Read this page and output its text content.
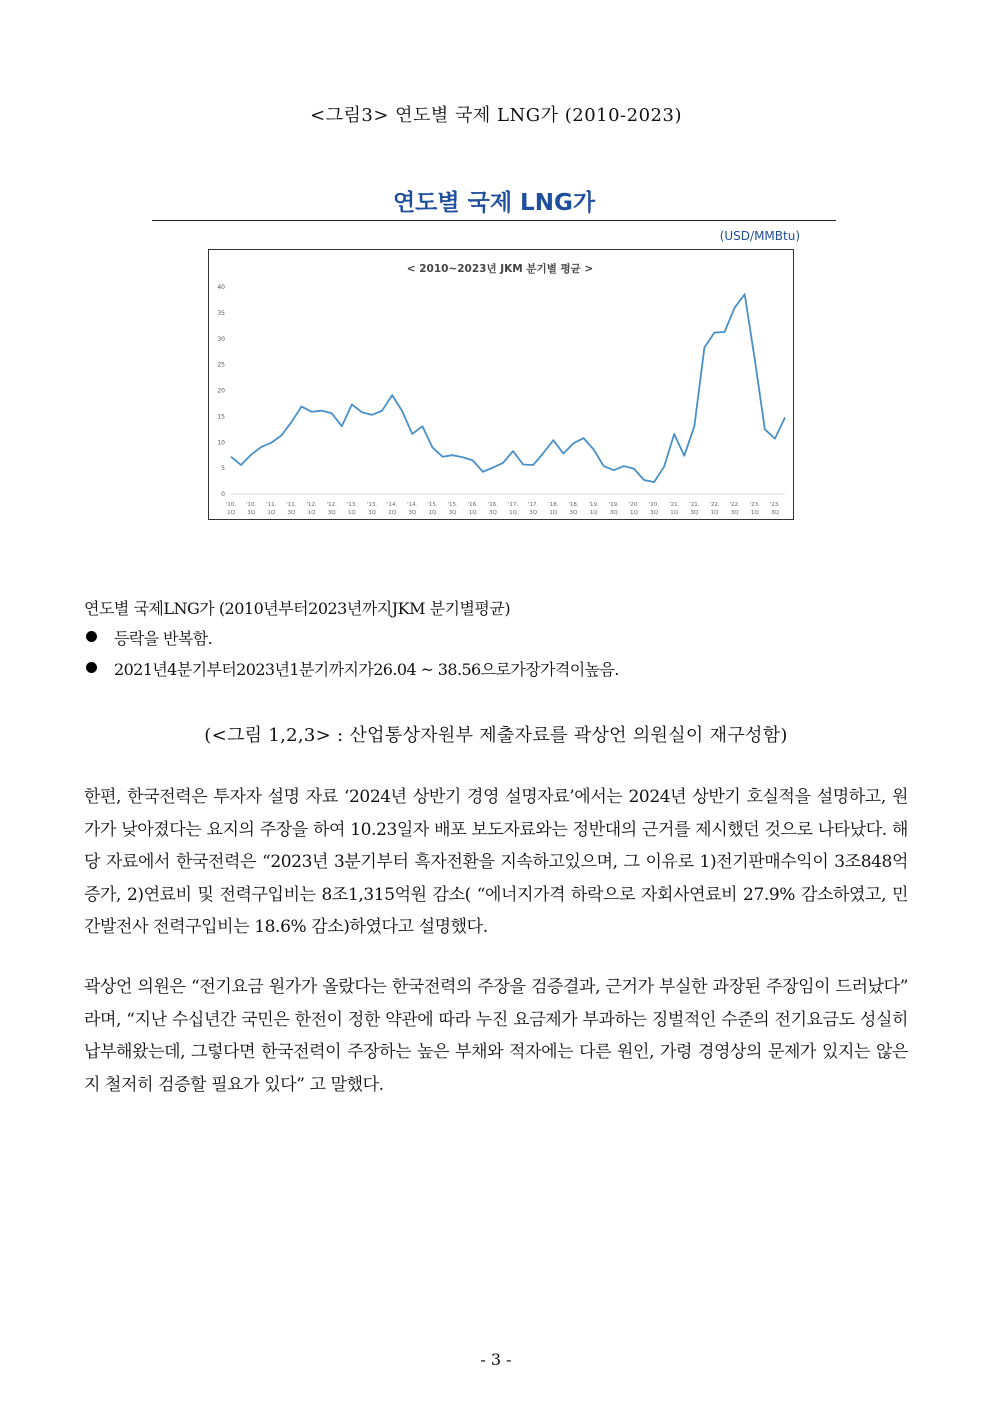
<그림3> 연도별 국제 LNG가 (2010-2023)
연도별 국제 LNG가
(USD/MMBtu)
< 2010~2023년 JKM 분기별 평균 >
0
5
10
15
20
25
30
35
40
'10.
1Q
'10.
3Q
'11.
1Q
'11.
3Q
'12.
1Q
'12.
3Q
'13.
1Q
'13.
3Q
'14.
1Q
'14.
3Q
'15.
1Q
'15.
3Q
'16.
1Q
'16.
3Q
'17.
1Q
'17.
3Q
'18.
1Q
'18.
3Q
'19.
1Q
'19.
3Q
'20.
1Q
'20.
3Q
'21.
1Q
'21.
3Q
'22.
1Q
'22.
3Q
'23.
1Q
'23.
3Q
연도별 국제LNG가 (2010년부터2023년까지JKM 분기별평균)
등락을 반복함.
2021년4분기부터2023년1분기까지가26.04 ~ 38.56으로가장가격이높음.
(<그림 1,2,3> : 산업통상자원부 제출자료를 곽상언 의원실이 재구성함)

한편, 한국전력은 투자자 설명 자료 ‘2024년 상반기 경영 설명자료’에서는 2024년 상반기 호실적을 설명하고, 원가가 낮아졌다는 요지의 주장을 하여 10.23일자 배포 보도자료와는 정반대의 근거를 제시했던 것으로 나타났다. 해당 자료에서 한국전력은 “2023년 3분기부터 흑자전환을 지속하고있으며, 그 이유로 1)전기판매수익이 3조848억 증가, 2)연료비 및 전력구입비는 8조1,315억원 감소( “에너지가격 하락으로 자회사연료비 27.9% 감소하였고, 민간발전사 전력구입비는 18.6% 감소)하였다고 설명했다.

곽상언 의원은 “전기요금 원가가 올랐다는 한국전력의 주장을 검증결과, 근거가 부실한 과장된 주장임이 드러났다” 라며, “지난 수십년간 국민은 한전이 정한 약관에 따라 누진 요금제가 부과하는 징벌적인 수준의 전기요금도 성실히 납부해왔는데, 그렇다면 한국전력이 주장하는 높은 부채와 적자에는 다른 원인, 가령 경영상의 문제가 있지는 않은지 철저히 검증할 필요가 있다” 고 말했다.

- 3 -
